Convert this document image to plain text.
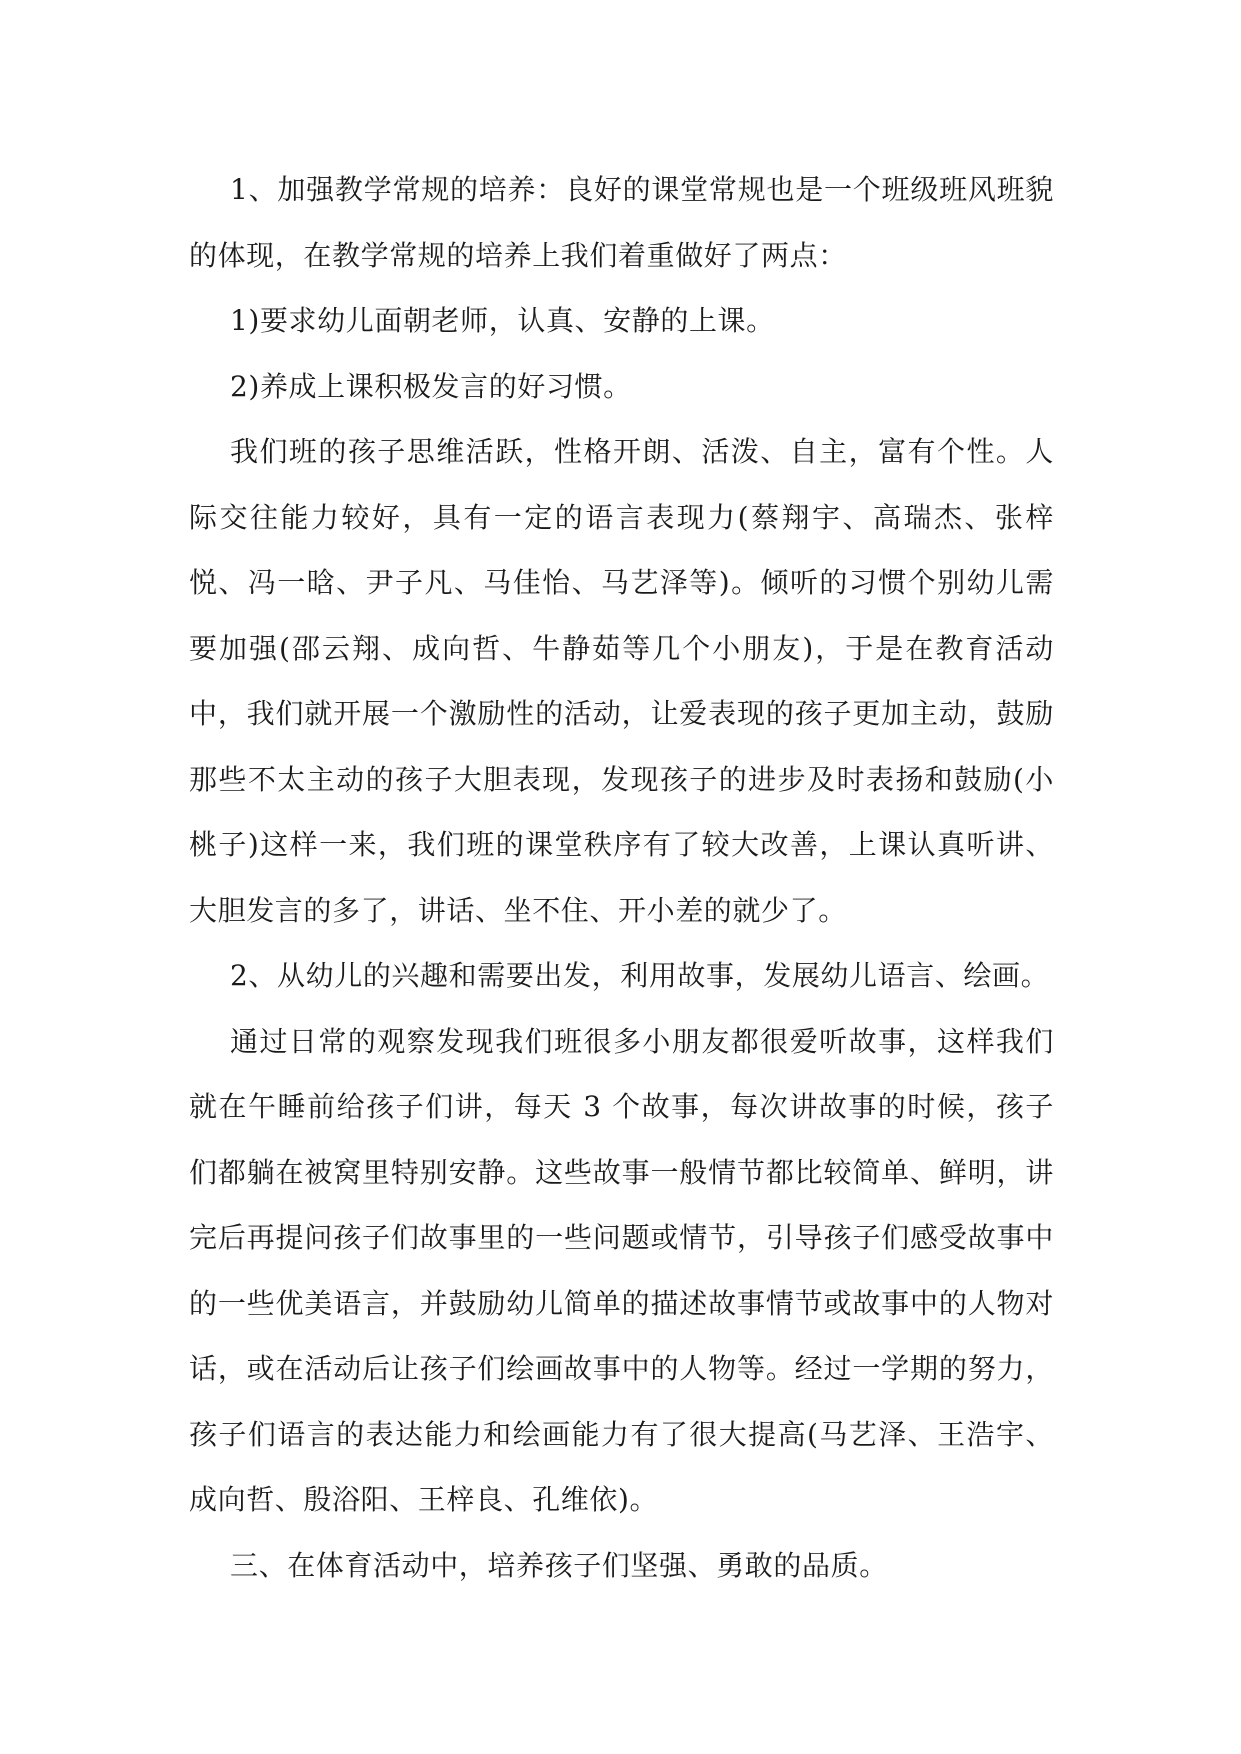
1、加强教学常规的培养：良好的课堂常规也是一个班级班风班貌的体现，在教学常规的培养上我们着重做好了两点：

1)要求幼儿面朝老师，认真、安静的上课。

2)养成上课积极发言的好习惯。

我们班的孩子思维活跃，性格开朗、活泼、自主，富有个性。人际交往能力较好，具有一定的语言表现力(蔡翔宇、高瑞杰、张梓悦、冯一晗、尹子凡、马佳怡、马艺泽等)。倾听的习惯个别幼儿需要加强(邵云翔、成向哲、牛静茹等几个小朋友)，于是在教育活动中，我们就开展一个激励性的活动，让爱表现的孩子更加主动，鼓励那些不太主动的孩子大胆表现，发现孩子的进步及时表扬和鼓励(小桃子)这样一来，我们班的课堂秩序有了较大改善，上课认真听讲、大胆发言的多了，讲话、坐不住、开小差的就少了。

2、从幼儿的兴趣和需要出发，利用故事，发展幼儿语言、绘画。

通过日常的观察发现我们班很多小朋友都很爱听故事，这样我们就在午睡前给孩子们讲，每天 3 个故事，每次讲故事的时候，孩子们都躺在被窝里特别安静。这些故事一般情节都比较简单、鲜明，讲完后再提问孩子们故事里的一些问题或情节，引导孩子们感受故事中的一些优美语言，并鼓励幼儿简单的描述故事情节或故事中的人物对话，或在活动后让孩子们绘画故事中的人物等。经过一学期的努力，孩子们语言的表达能力和绘画能力有了很大提高(马艺泽、王浩宇、成向哲、殷浴阳、王梓良、孔维依)。

三、在体育活动中，培养孩子们坚强、勇敢的品质。
